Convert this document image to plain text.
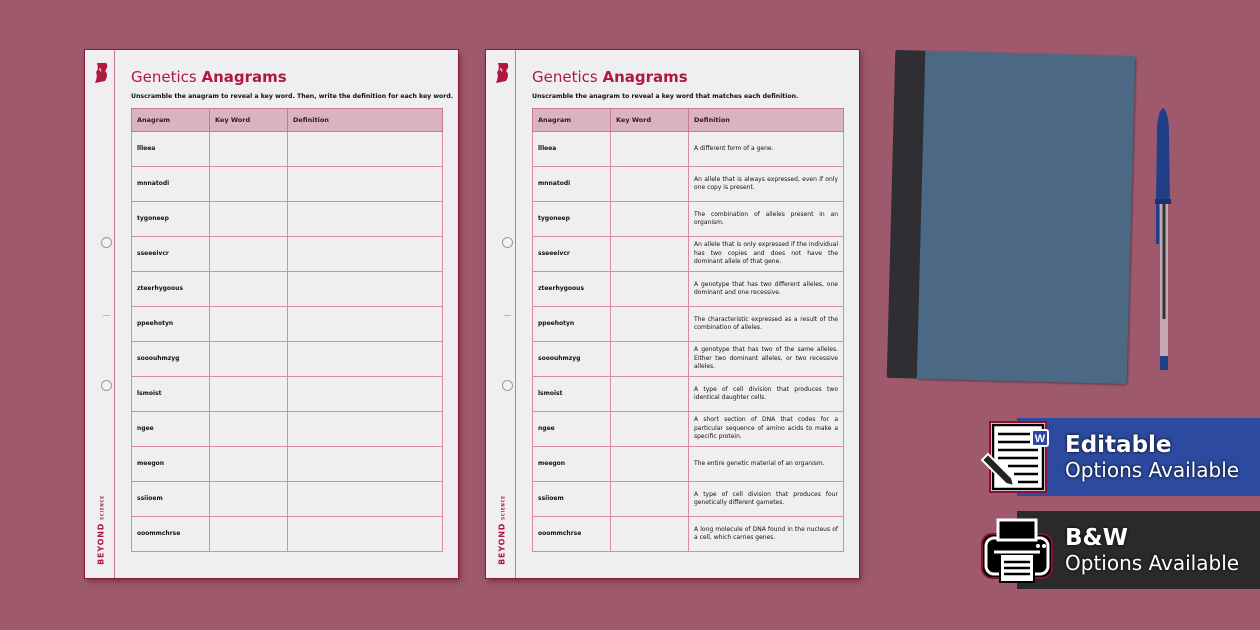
BEYOND
SCIENCE
Genetics Anagrams
Unscramble the anagram to reveal a key word. Then, write the definition for each key word.
Anagram	Key Word	Definition
llleea		
mnnatodi		
tygoneep		
sseeeivcr		
zteerhygoous		
ppeehotyn		
sooouhmzyg		
lsmoist		
ngee		
meegon		
ssiioem		
ooommchrse			BEYOND
SCIENCE
Genetics Anagrams
Unscramble the anagram to reveal a key word that matches each definition.
Anagram	Key Word	Definition
llleea		A different form of a gene.
mnnatodi		An allele that is always expressed, even if only one copy is present.
tygoneep		The combination of alleles present in an organism.
sseeeivcr		An allele that is only expressed if the individual has two copies and does not have the dominant allele of that gene.
zteerhygoous		A genotype that has two different alleles, one dominant and one recessive.
ppeehotyn		The characteristic expressed as a result of the combination of alleles.
sooouhmzyg		A genotype that has two of the same alleles. Either two dominant alleles, or two recessive alleles.
lsmoist		A type of cell division that produces two identical daughter cells.
ngee		A short section of DNA that codes for a particular sequence of amino acids to make a specific protein.
meegon		The entire genetic material of an organism.
ssiioem		A type of cell division that produces four genetically different gametes.
ooommchrse		A long molecule of DNA found in the nucleus of a cell, which carries genes.
Editable
Options Available
W
B&W
Options Available
